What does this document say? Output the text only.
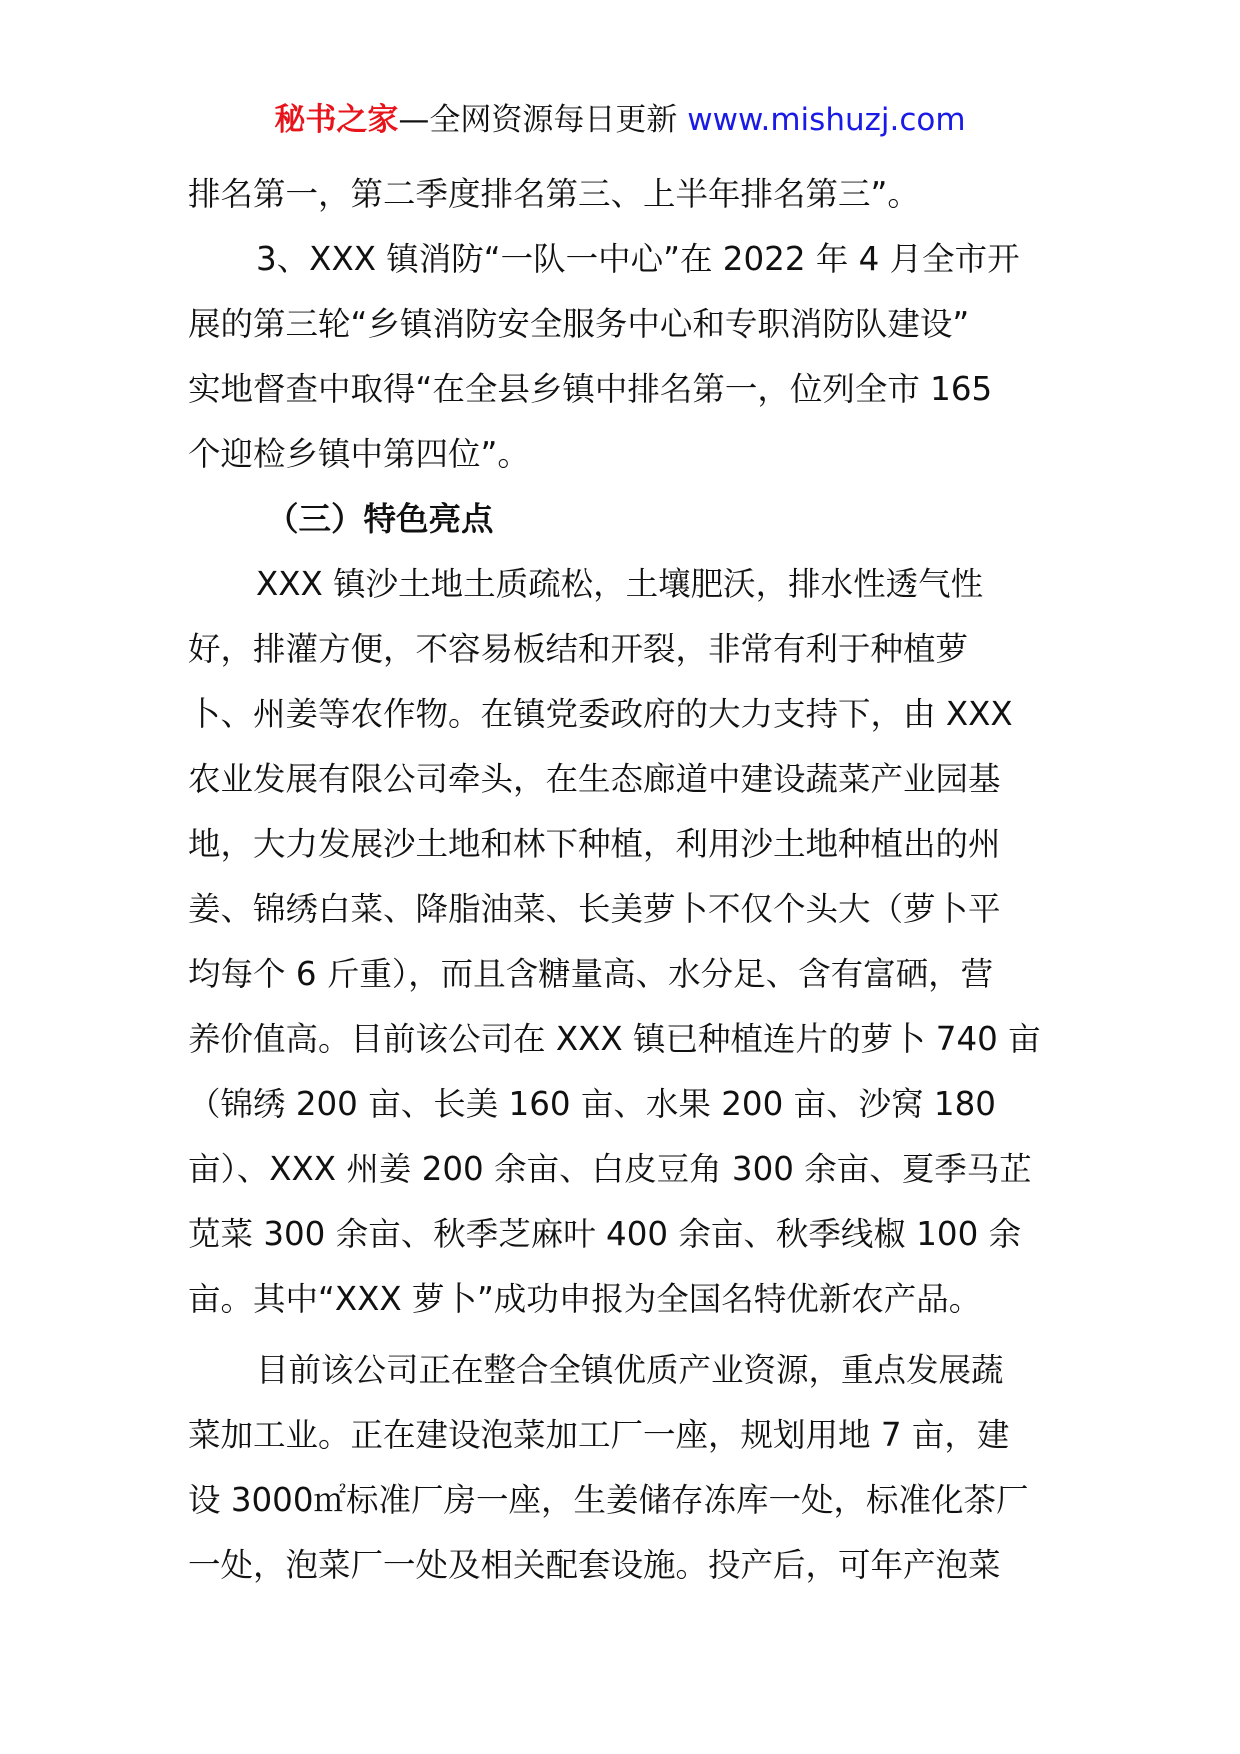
秘书之家—全网资源每日更新 www.mishuzj.com
排名第一，第二季度排名第三、上半年排名第三”。
3、XXX 镇消防“一队一中心”在 2022 年 4 月全市开
展的第三轮“乡镇消防安全服务中心和专职消防队建设”
实地督查中取得“在全县乡镇中排名第一，位列全市 165
个迎检乡镇中第四位”。
（三）特色亮点
XXX 镇沙土地土质疏松，土壤肥沃，排水性透气性
好，排灌方便，不容易板结和开裂，非常有利于种植萝
卜、州姜等农作物。在镇党委政府的大力支持下，由 XXX
农业发展有限公司牵头，在生态廊道中建设蔬菜产业园基
地，大力发展沙土地和林下种植，利用沙土地种植出的州
姜、锦绣白菜、降脂油菜、长美萝卜不仅个头大（萝卜平
均每个 6 斤重），而且含糖量高、水分足、含有富硒，营
养价值高。目前该公司在 XXX 镇已种植连片的萝卜 740 亩
（锦绣 200 亩、长美 160 亩、水果 200 亩、沙窝 180
亩）、XXX 州姜 200 余亩、白皮豆角 300 余亩、夏季马芷
苋菜 300 余亩、秋季芝麻叶 400 余亩、秋季线椒 100 余
亩。其中“XXX 萝卜”成功申报为全国名特优新农产品。
目前该公司正在整合全镇优质产业资源，重点发展蔬
菜加工业。正在建设泡菜加工厂一座，规划用地 7 亩，建
设 3000㎡标准厂房一座，生姜储存冻库一处，标准化茶厂
一处，泡菜厂一处及相关配套设施。投产后，可年产泡菜
